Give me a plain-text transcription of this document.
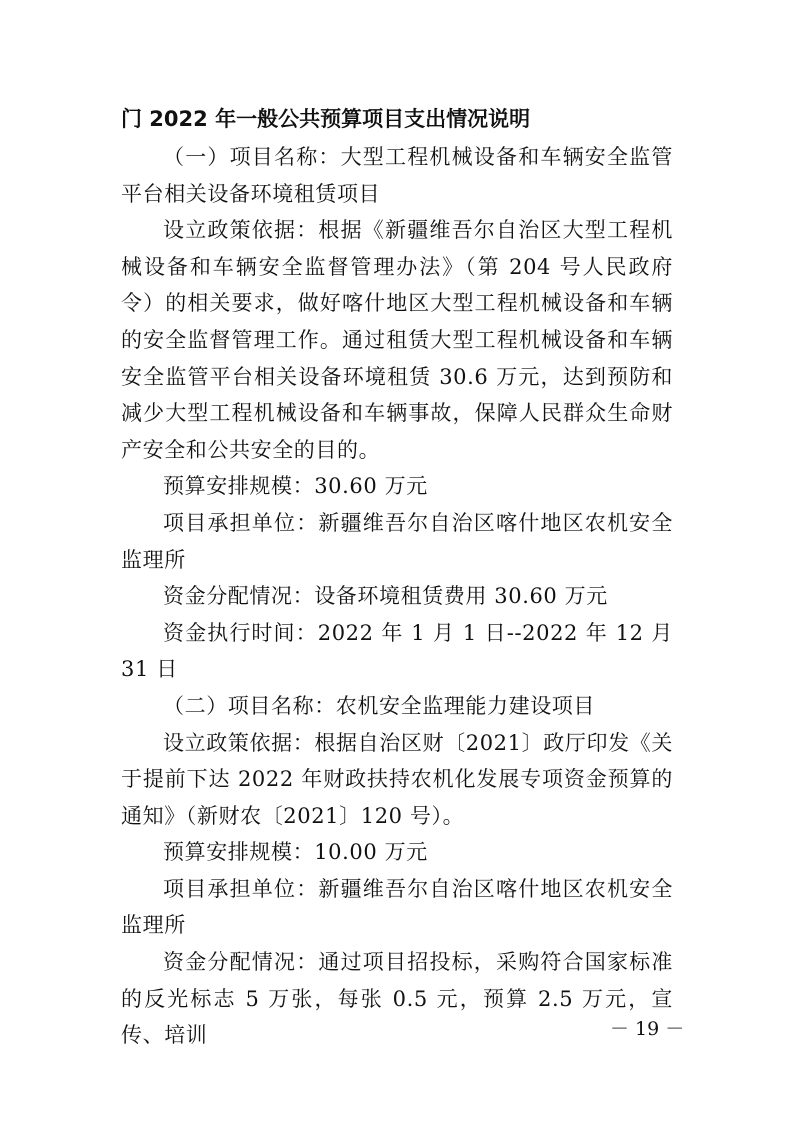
门 2022 年一般公共预算项目支出情况说明

（一）项目名称：大型工程机械设备和车辆安全监管平台相关设备环境租赁项目

设立政策依据：根据《新疆维吾尔自治区大型工程机械设备和车辆安全监督管理办法》（第 204 号人民政府令）的相关要求，做好喀什地区大型工程机械设备和车辆的安全监督管理工作。通过租赁大型工程机械设备和车辆安全监管平台相关设备环境租赁 30.6 万元，达到预防和减少大型工程机械设备和车辆事故，保障人民群众生命财产安全和公共安全的目的。

预算安排规模：30.60 万元

项目承担单位：新疆维吾尔自治区喀什地区农机安全监理所

资金分配情况：设备环境租赁费用 30.60 万元

资金执行时间：2022 年 1 月 1 日--2022 年 12 月 31 日

（二）项目名称：农机安全监理能力建设项目

设立政策依据：根据自治区财〔2021〕政厅印发《关于提前下达 2022 年财政扶持农机化发展专项资金预算的通知》（新财农〔2021〕120 号）。

预算安排规模：10.00 万元

项目承担单位：新疆维吾尔自治区喀什地区农机安全监理所

资金分配情况：通过项目招投标，采购符合国家标准的反光标志 5 万张，每张 0.5 元，预算 2.5 万元，宣传、培训	－ 19 －
